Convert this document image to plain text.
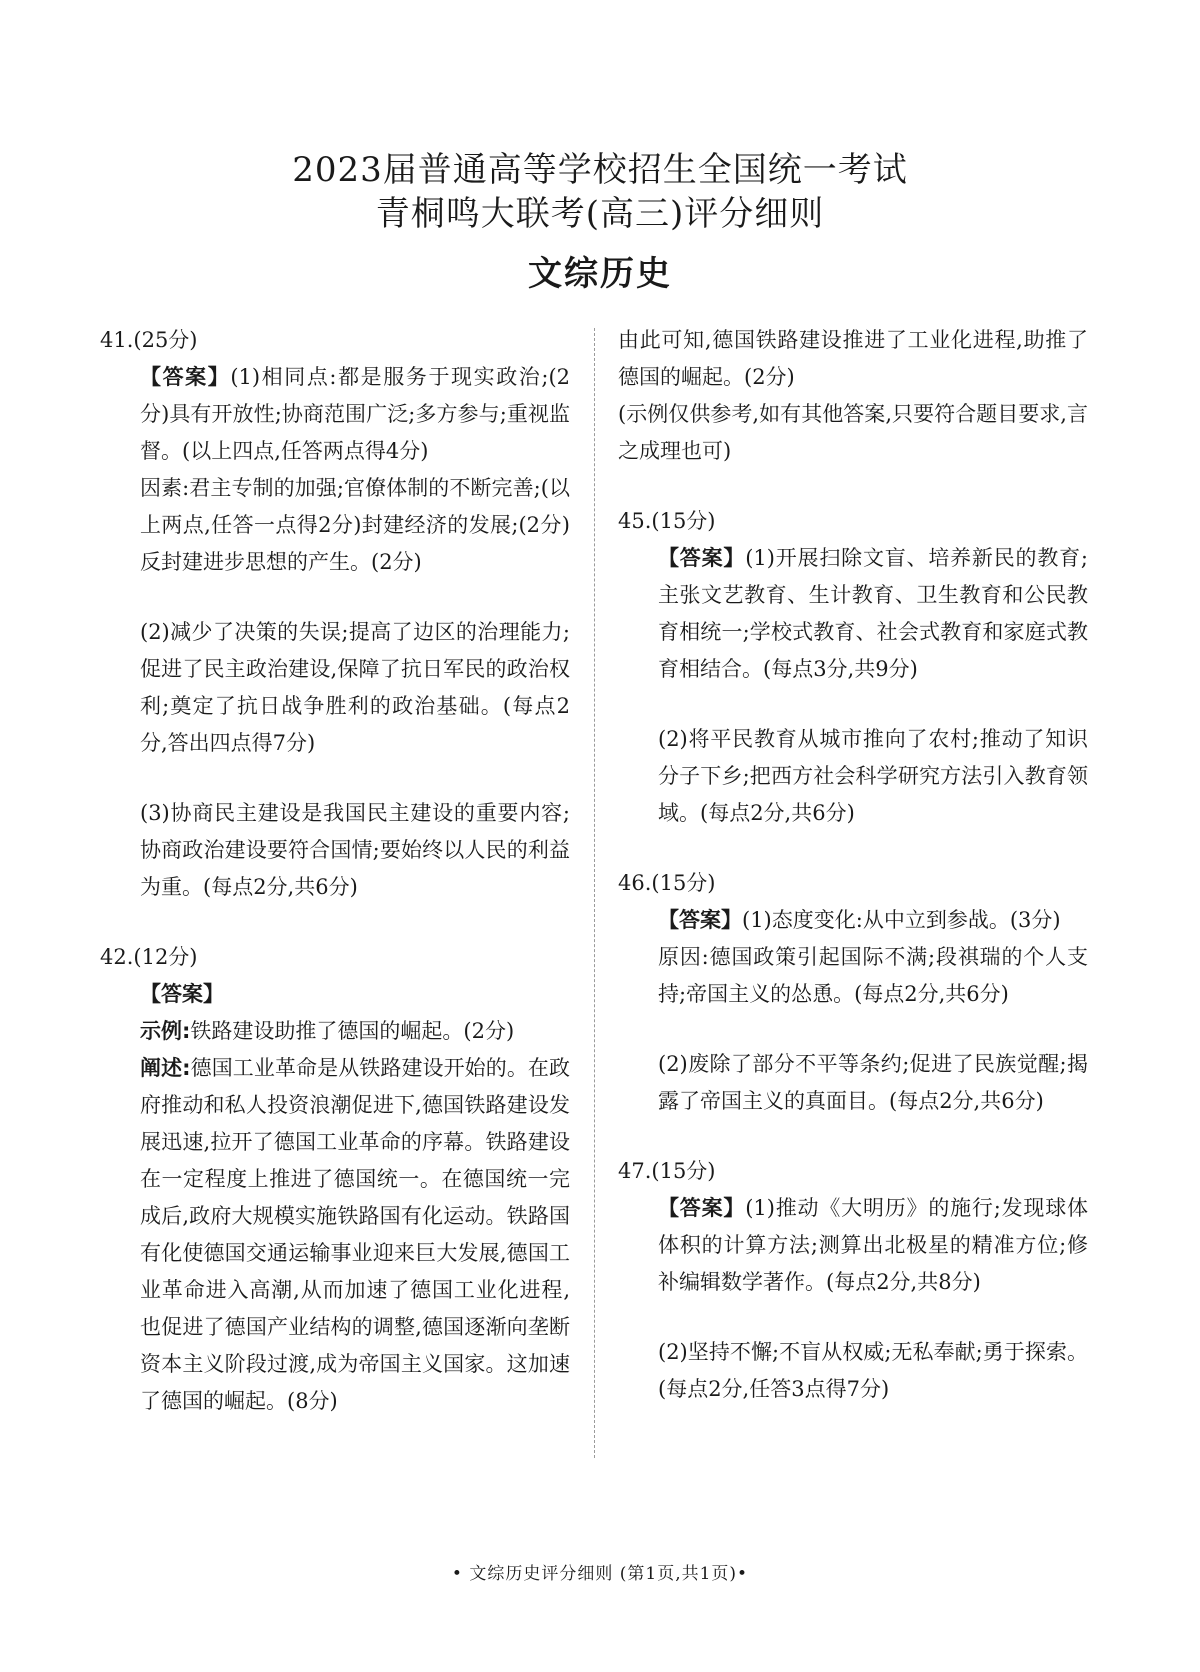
2023届普通高等学校招生全国统一考试
青桐鸣大联考(高三)评分细则
文综历史
41.(25分)

【答案】(1)相同点:都是服务于现实政治;(2分)具有开放性;协商范围广泛;多方参与;重视监督。(以上四点,任答两点得4分)

因素:君主专制的加强;官僚体制的不断完善;(以上两点,任答一点得2分)封建经济的发展;(2分)反封建进步思想的产生。(2分)

(2)减少了决策的失误;提高了边区的治理能力;促进了民主政治建设,保障了抗日军民的政治权利;奠定了抗日战争胜利的政治基础。(每点2分,答出四点得7分)

(3)协商民主建设是我国民主建设的重要内容;协商政治建设要符合国情;要始终以人民的利益为重。(每点2分,共6分)

42.(12分)

【答案】

示例:铁路建设助推了德国的崛起。(2分)

阐述:德国工业革命是从铁路建设开始的。在政府推动和私人投资浪潮促进下,德国铁路建设发展迅速,拉开了德国工业革命的序幕。铁路建设在一定程度上推进了德国统一。在德国统一完成后,政府大规模实施铁路国有化运动。铁路国有化使德国交通运输事业迎来巨大发展,德国工业革命进入高潮,从而加速了德国工业化进程,也促进了德国产业结构的调整,德国逐渐向垄断资本主义阶段过渡,成为帝国主义国家。这加速了德国的崛起。(8分)

由此可知,德国铁路建设推进了工业化进程,助推了德国的崛起。(2分)

(示例仅供参考,如有其他答案,只要符合题目要求,言之成理也可)

45.(15分)

【答案】(1)开展扫除文盲、培养新民的教育;主张文艺教育、生计教育、卫生教育和公民教育相统一;学校式教育、社会式教育和家庭式教育相结合。(每点3分,共9分)

(2)将平民教育从城市推向了农村;推动了知识分子下乡;把西方社会科学研究方法引入教育领域。(每点2分,共6分)

46.(15分)

【答案】(1)态度变化:从中立到参战。(3分)

原因:德国政策引起国际不满;段祺瑞的个人支持;帝国主义的怂恿。(每点2分,共6分)

(2)废除了部分不平等条约;促进了民族觉醒;揭露了帝国主义的真面目。(每点2分,共6分)

47.(15分)

【答案】(1)推动《大明历》的施行;发现球体体积的计算方法;测算出北极星的精准方位;修补编辑数学著作。(每点2分,共8分)

(2)坚持不懈;不盲从权威;无私奉献;勇于探索。(每点2分,任答3点得7分)

• 文综历史评分细则 (第1页,共1页)•
